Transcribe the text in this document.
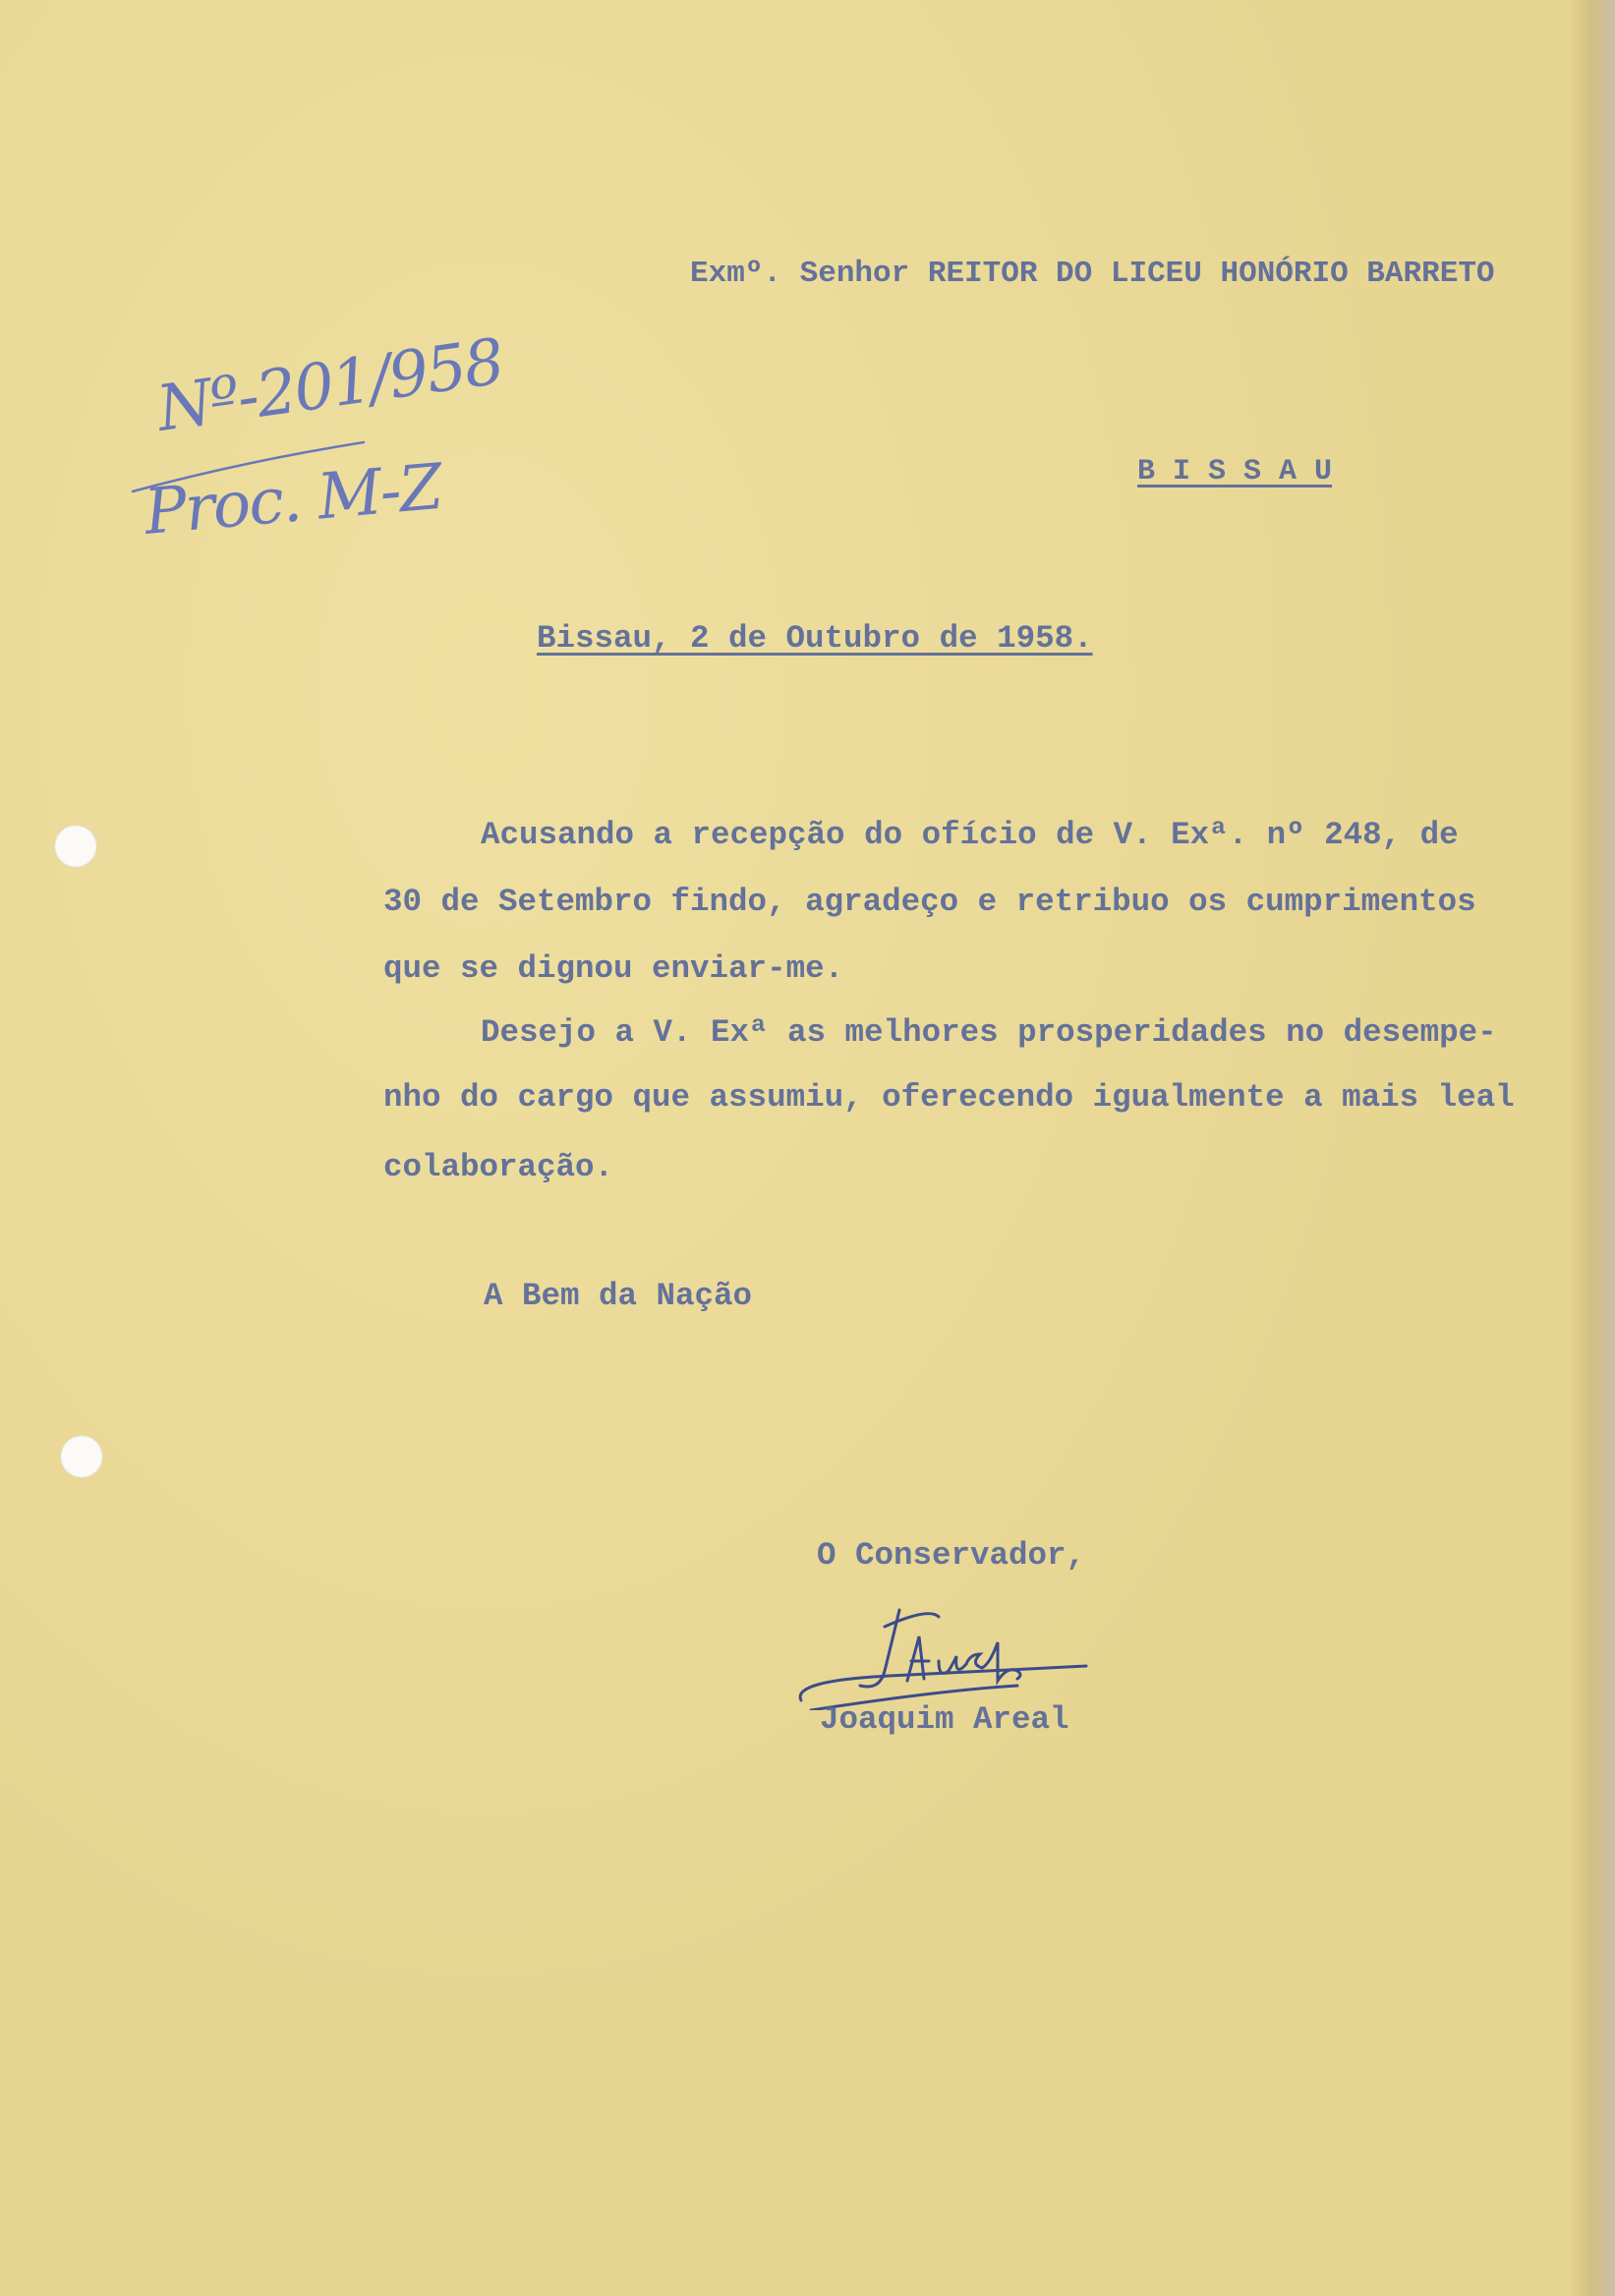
Exmº. Senhor REITOR DO LICEU HONÓRIO BARRETO
Nº-201/958
Proc. M-Z	B I S S A U
Bissau, 2 de Outubro de 1958.
Acusando a recepção do ofício de V. Exª. nº 248, de
30 de Setembro findo, agradeço e retribuo os cumprimentos
que se dignou enviar-me.
Desejo a V. Exª as melhores prosperidades no desempe-
nho do cargo que assumiu, oferecendo igualmente a mais leal
colaboração.
A Bem da Nação
O Conservador,
Joaquim Areal
